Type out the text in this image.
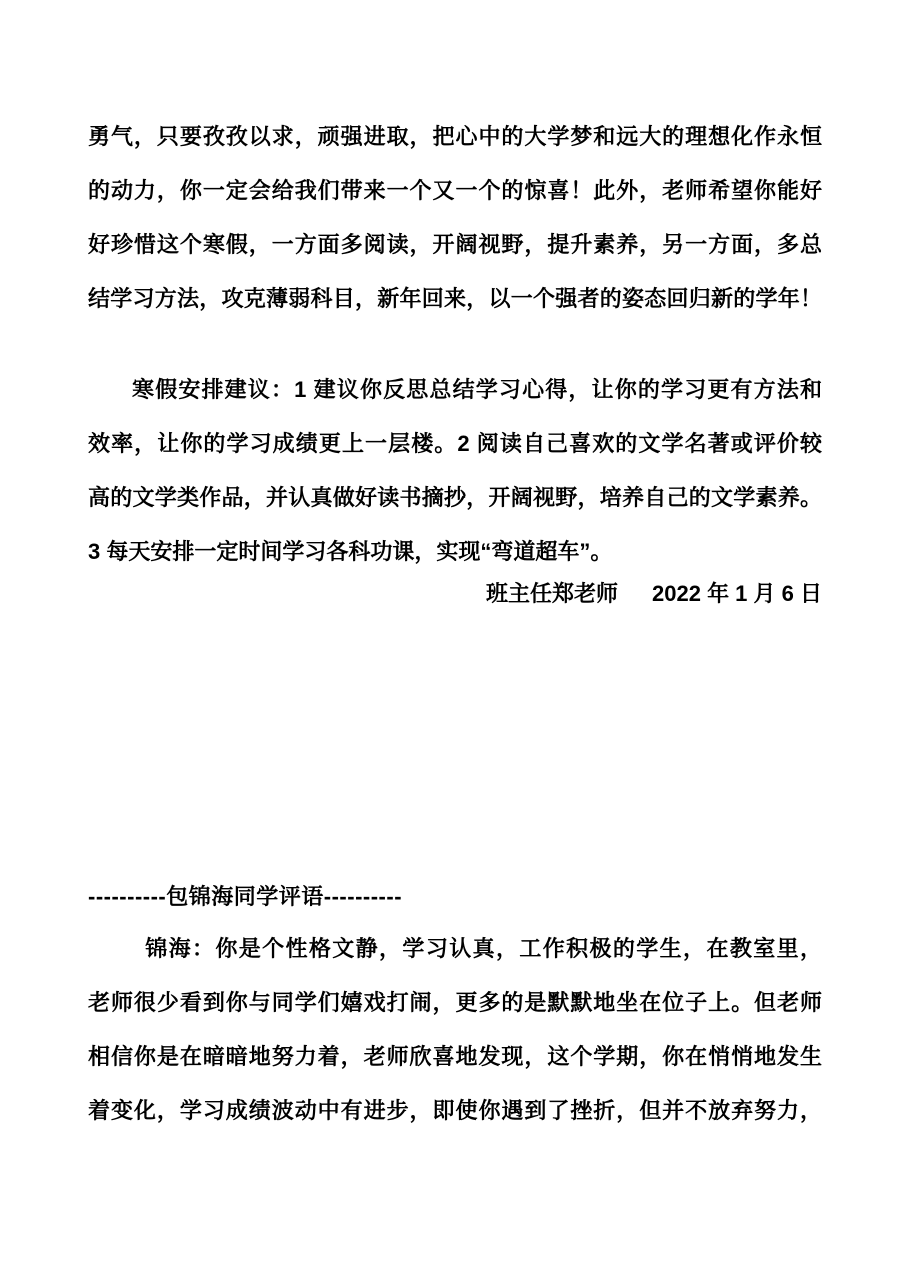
勇气，只要孜孜以求，顽强进取，把心中的大学梦和远大的理想化作永恒
的动力，你一定会给我们带来一个又一个的惊喜！此外，老师希望你能好
好珍惜这个寒假，一方面多阅读，开阔视野，提升素养，另一方面，多总
结学习方法，攻克薄弱科目，新年回来，以一个强者的姿态回归新的学年！
寒假安排建议：1 建议你反思总结学习心得，让你的学习更有方法和
效率，让你的学习成绩更上一层楼。2 阅读自己喜欢的文学名著或评价较
高的文学类作品，并认真做好读书摘抄，开阔视野，培养自己的文学素养。
3 每天安排一定时间学习各科功课，实现“弯道超车”。
班主任郑老师 2022 年 1 月 6 日
----------包锦海同学评语----------
锦海：你是个性格文静，学习认真，工作积极的学生，在教室里，
老师很少看到你与同学们嬉戏打闹，更多的是默默地坐在位子上。但老师
相信你是在暗暗地努力着，老师欣喜地发现，这个学期，你在悄悄地发生
着变化，学习成绩波动中有进步，即使你遇到了挫折，但并不放弃努力，
